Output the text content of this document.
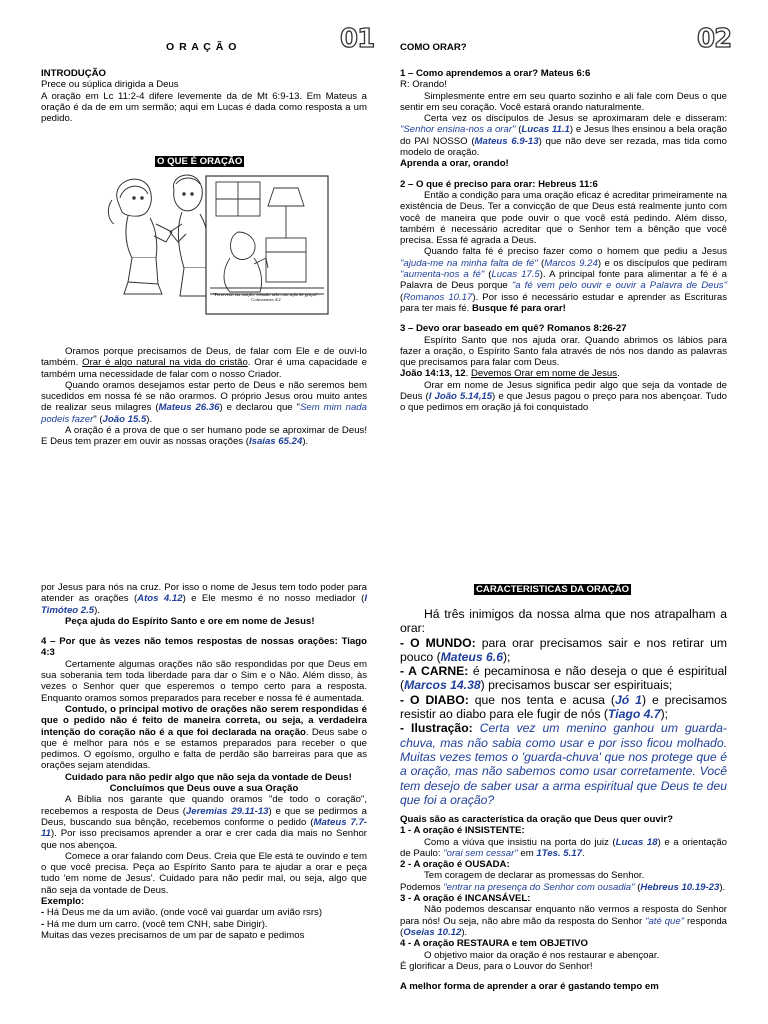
O R A Ç Ã O	01

INTRODUÇÃO

Prece ou súplica dirigida a Deus

A oração em Lc 11:2-4 difere levemente da de Mt 6:9-13. Em Mateus a oração é da de em um sermão; aqui em Lucas é dada como resposta a um pedido.

O QUE É ORAÇÃO
"Perseverai em oração, velando nela com ação de graças". Colossenses 4:2

Oramos porque precisamos de Deus, de falar com Ele e de ouvi-lo também. Orar é algo natural na vida do cristão. Orar é uma capacidade e também uma necessidade de falar com o nosso Criador.

Quando oramos desejamos estar perto de Deus e não seremos bem sucedidos em nossa fé se não orarmos. O próprio Jesus orou muito antes de realizar seus milagres (Mateus 26.36) e declarou que "Sem mim nada podeis fazer" (João 15.5).

A oração é a prova de que o ser humano pode se aproximar de Deus! E Deus tem prazer em ouvir as nossas orações (Isaías 65.24).

COMO ORAR?	02

1 – Como aprendemos a orar? Mateus 6:6

R: Orando!

Simplesmente entre em seu quarto sozinho e ali fale com Deus o que sentir em seu coração. Você estará orando naturalmente.

Certa vez os discípulos de Jesus se aproximaram dele e disseram: "Senhor ensina-nos a orar" (Lucas 11.1) e Jesus lhes ensinou a bela oração do PAI NOSSO (Mateus 6.9-13) que não deve ser rezada, mas tida como modelo de oração.

Aprenda a orar, orando!

2 – O que é preciso para orar: Hebreus 11:6

Então a condição para uma oração eficaz é acreditar primeiramente na existência de Deus. Ter a convicção de que Deus está realmente junto com você de maneira que pode ouvir o que você está pedindo. Além disso, também é necessário acreditar que o Senhor tem a bênção que você precisa. Essa fé agrada a Deus.

Quando falta fé é preciso fazer como o homem que pediu a Jesus "ajuda-me na minha falta de fé" (Marcos 9.24) e os discípulos que pediram "aumenta-nos a fé" (Lucas 17.5). A principal fonte para alimentar a fé é a Palavra de Deus porque "a fé vem pelo ouvir e ouvir a Palavra de Deus" (Romanos 10.17). Por isso é necessário estudar e aprender as Escrituras para ter mais fé. Busque fé para orar!

3 – Devo orar baseado em quê? Romanos 8:26-27

Espírito Santo que nos ajuda orar. Quando abrimos os lábios para fazer a oração, o Espírito Santo fala através de nós nos dando as palavras que precisamos para falar com Deus.

João 14:13, 12. Devemos Orar em nome de Jesus.

Orar em nome de Jesus significa pedir algo que seja da vontade de Deus (I João 5.14,15) e que Jesus pagou o preço para nos abençoar. Tudo o que pedimos em oração já foi conquistado

por Jesus para nós na cruz. Por isso o nome de Jesus tem todo poder para atender as orações (Atos 4.12) e Ele mesmo é no nosso mediador (I Timóteo 2.5).

Peça ajuda do Espírito Santo e ore em nome de Jesus!

4 – Por que às vezes não temos respostas de nossas orações: Tiago 4:3

Certamente algumas orações não são respondidas por que Deus em sua soberania tem toda liberdade para dar o Sim e o Não. Além disso, às vezes o Senhor quer que esperemos o tempo certo para a resposta. Enquanto oramos somos preparados para receber e nossa fé é aumentada.

Contudo, o principal motivo de orações não serem respondidas é que o pedido não é feito de maneira correta, ou seja, a verdadeira intenção do coração não é a que foi declarada na oração. Deus sabe o que é melhor para nós e se estamos preparados para receber o que pedimos. O egoísmo, orgulho e falta de perdão são barreiras para que as orações sejam atendidas.

Cuidado para não pedir algo que não seja da vontade de Deus!

Concluímos que Deus ouve a sua Oração

A Bíblia nos garante que quando oramos "de todo o coração", recebemos a resposta de Deus (Jeremias 29.11-13) e que se pedirmos a Deus, buscando sua bênção, recebemos conforme o pedido (Mateus 7.7-11). Por isso precisamos aprender a orar e crer cada dia mais no Senhor que nos abençoa.

Comece a orar falando com Deus. Creia que Ele está te ouvindo e tem o que você precisa. Peça ao Espírito Santo para te ajudar a orar e peça tudo 'em nome de Jesus'. Cuidado para não pedir mal, ou seja, algo que não seja da vontade de Deus.

Exemplo:

- Há Deus me da um avião. (onde você vai guardar um avião rsrs)

- Há me dum um carro. (você tem CNH, sabe Dirigir).

Muitas das vezes precisamos de um par de sapato e pedimos

CARACTERISTICAS DA ORAÇÃO

Há três inimigos da nossa alma que nos atrapalham a orar:

- O MUNDO: para orar precisamos sair e nos retirar um pouco (Mateus 6.6);

- A CARNE: é pecaminosa e não deseja o que é espiritual (Marcos 14.38) precisamos buscar ser espirituais;

- O DIABO: que nos tenta e acusa (Jó 1) e precisamos resistir ao diabo para ele fugir de nós (Tiago 4.7);

- Ilustração: Certa vez um menino ganhou um guarda-chuva, mas não sabia como usar e por isso ficou molhado. Muitas vezes temos o 'guarda-chuva' que nos protege que é a oração, mas não sabemos como usar corretamente. Você tem desejo de saber usar a arma espiritual que Deus te deu que foi a oração?

Quais são as característica da oração que Deus quer ouvir?

1 - A oração é INSISTENTE:

Como a viúva que insistiu na porta do juiz (Lucas 18) e a orientação de Paulo: "orai sem cessar" em 1Tes. 5.17.

2 - A oração é OUSADA:

Tem coragem de declarar as promessas do Senhor.

Podemos "entrar na presença do Senhor com ousadia" (Hebreus 10.19-23).

3 - A oração é INCANSÁVEL:

Não podemos descansar enquanto não vermos a resposta do Senhor para nós! Ou seja, não abre mão da resposta do Senhor "até que" responda (Oseias 10.12).

4 - A oração RESTAURA e tem OBJETIVO

O objetivo maior da oração é nos restaurar e abençoar.

É glorificar a Deus, para o Louvor do Senhor!

A melhor forma de aprender a orar é gastando tempo em
